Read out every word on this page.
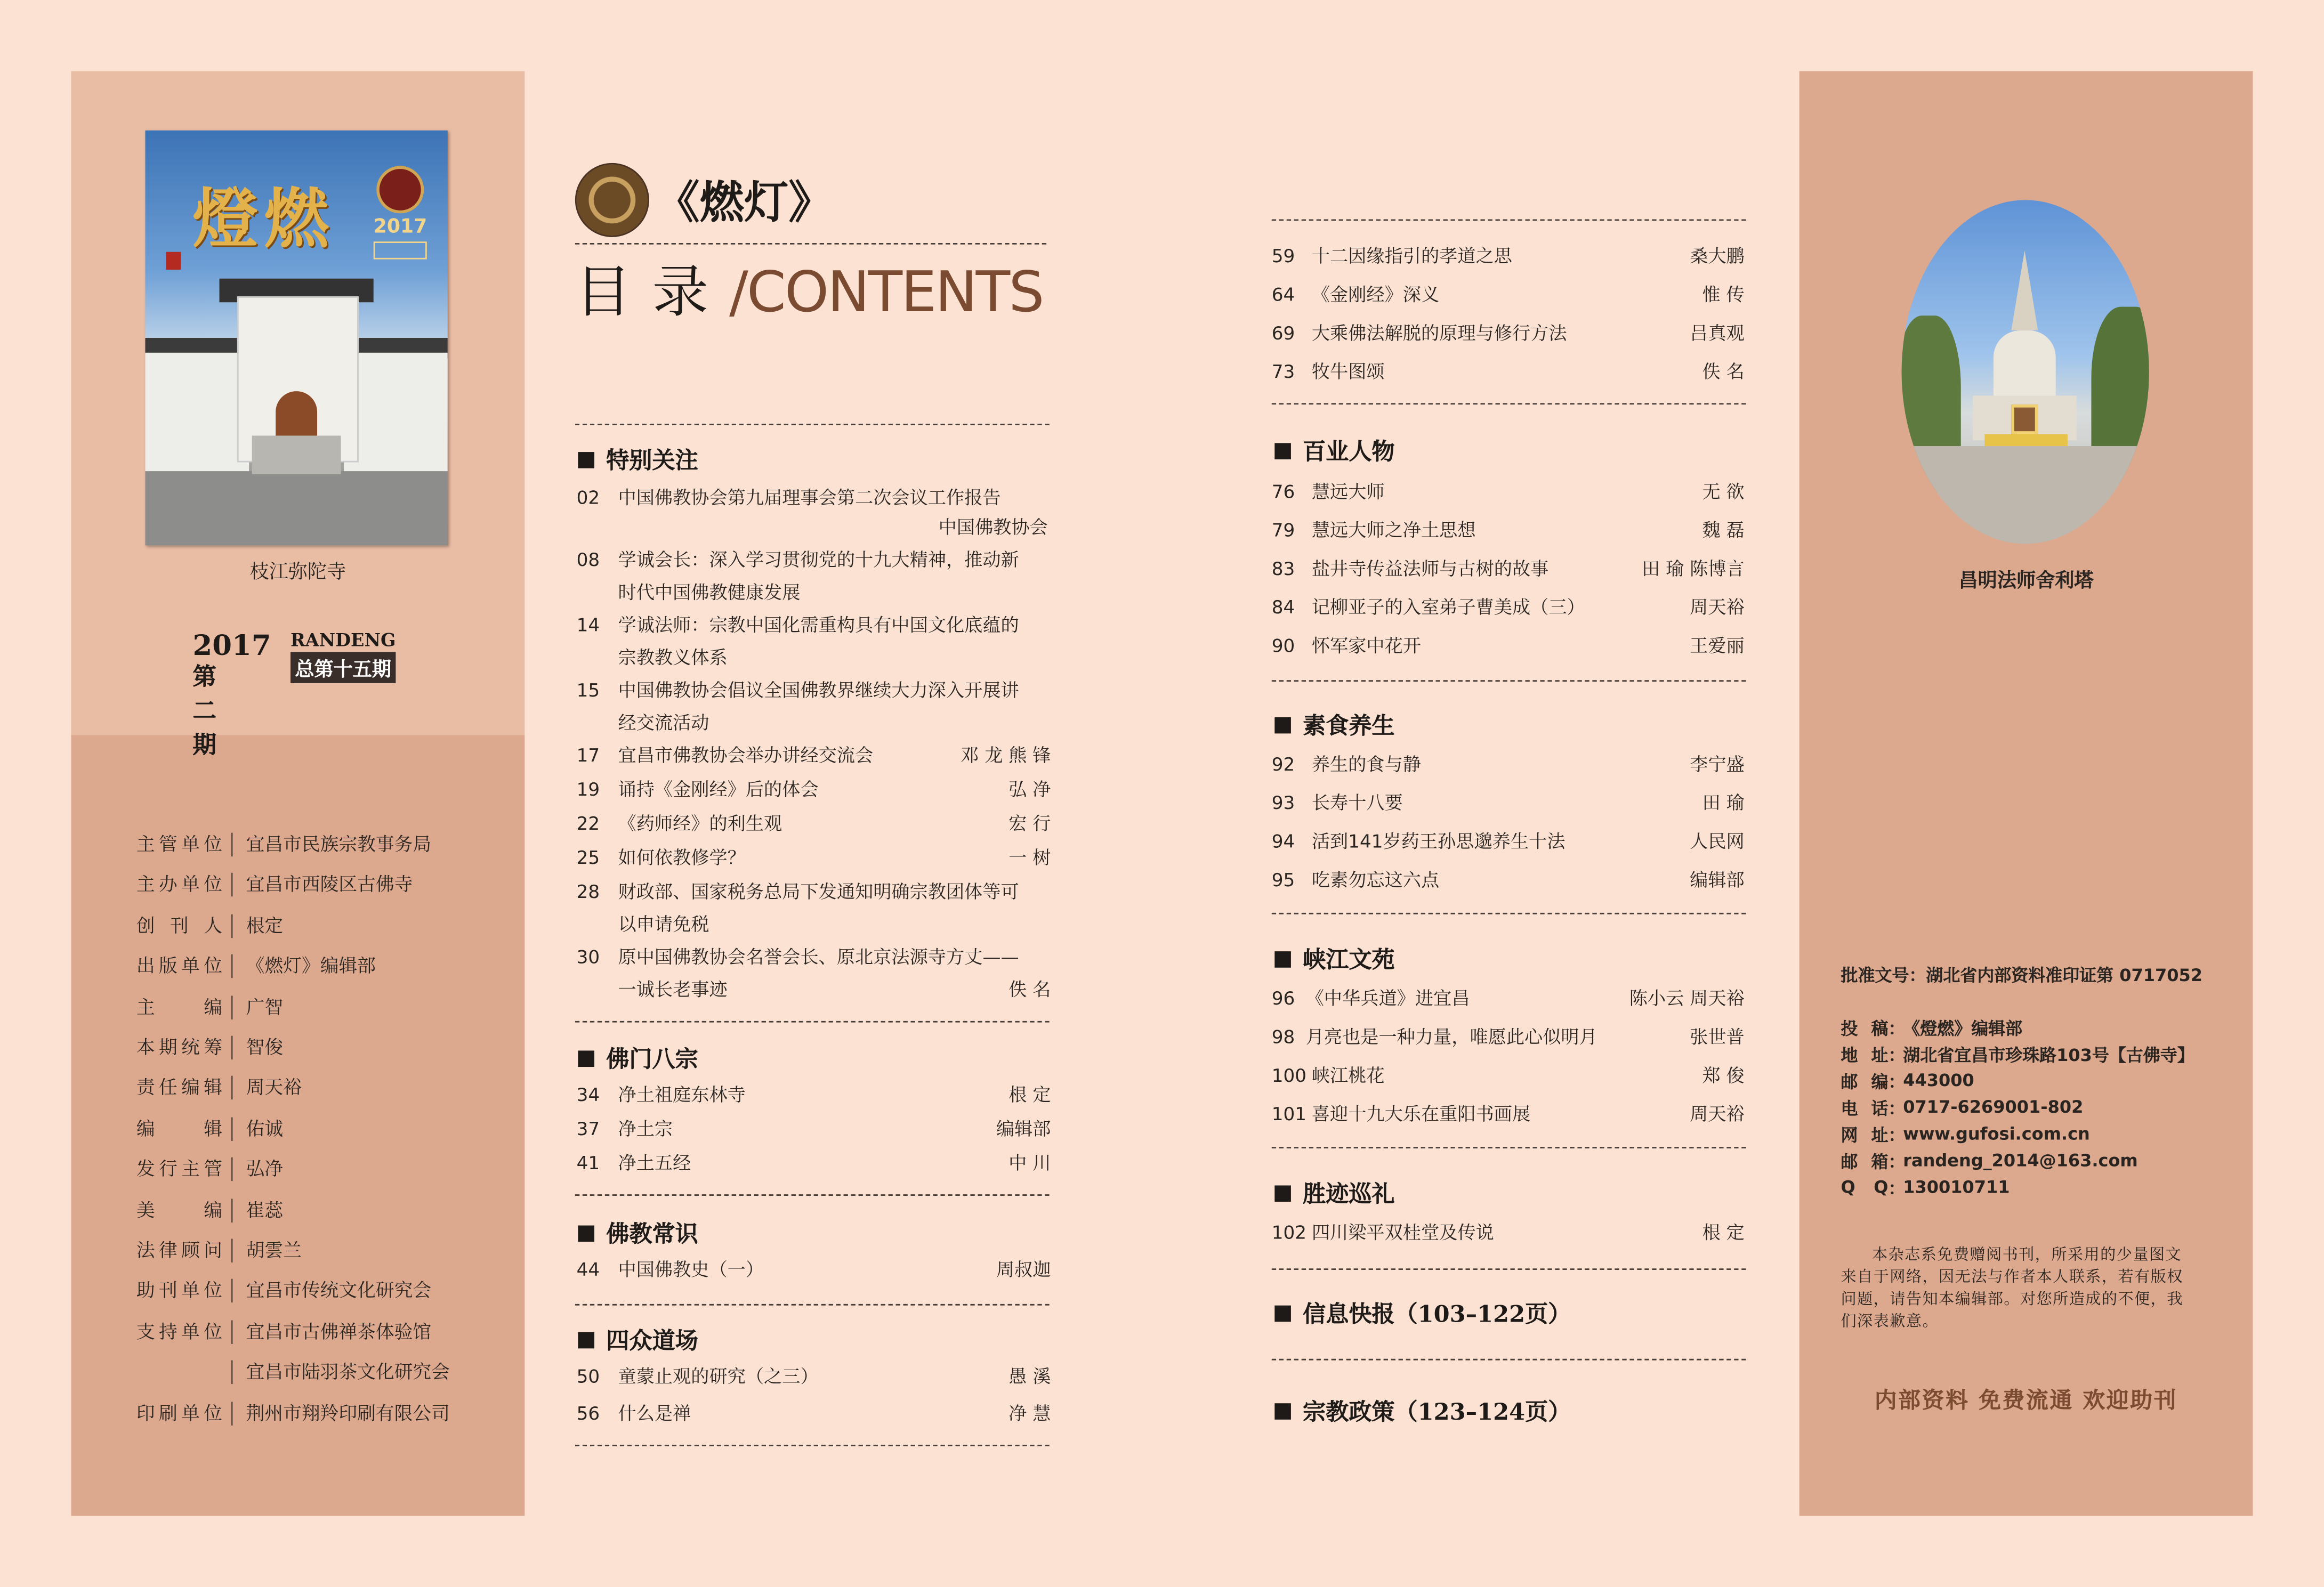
燈燃	2017
枝江弥陀寺
2017
第二期
RANDENG
总第十五期
主管单位	宜昌市民族宗教事务局
主办单位	宜昌市西陵区古佛寺
创刊人	根定
出版单位	《燃灯》编辑部
主编	广智
本期统筹	智俊
责任编辑	周天裕
编辑	佑诚
发行主管	弘净
美编	崔蕊
法律顾问	胡雲兰
助刊单位	宜昌市传统文化研究会
支持单位	宜昌市古佛禅茶体验馆
宜昌市陆羽茶文化研究会
印刷单位	荆州市翔羚印刷有限公司
《燃灯》
目录/CONTENTS
特别关注
02	中国佛教协会第九届理事会第二次会议工作报告
中国佛教协会
08	学诚会长：深入学习贯彻党的十九大精神，推动新
时代中国佛教健康发展
14	学诚法师：宗教中国化需重构具有中国文化底蕴的
宗教教义体系
15	中国佛教协会倡议全国佛教界继续大力深入开展讲
经交流活动
17	宜昌市佛教协会举办讲经交流会	邓 龙 熊 锋
19	诵持《金刚经》后的体会	弘 净
22	《药师经》的利生观	宏 行
25	如何依教修学？	一 树
28	财政部、国家税务总局下发通知明确宗教团体等可
以申请免税
30	原中国佛教协会名誉会长、原北京法源寺方丈——
一诚长老事迹	佚 名
佛门八宗
34	净土祖庭东林寺	根 定
37	净土宗	编辑部
41	净土五经	中 川
佛教常识
44	中国佛教史（一）	周叔迦
四众道场
50	童蒙止观的研究（之三）	愚 溪
56	什么是禅	净 慧
59	十二因缘指引的孝道之思	桑大鹏
64	《金刚经》深义	惟 传
69	大乘佛法解脱的原理与修行方法	吕真观
73	牧牛图颂	佚 名
百业人物
76	慧远大师	无 欲
79	慧远大师之净土思想	魏 磊
83	盐井寺传益法师与古树的故事	田 瑜 陈博言
84	记柳亚子的入室弟子曹美成（三）	周天裕
90	怀军家中花开	王爱丽
素食养生
92	养生的食与静	李宁盛
93	长寿十八要	田 瑜
94	活到141岁药王孙思邈养生十法	人民网
95	吃素勿忘这六点	编辑部
峡江文苑
96 《中华兵道》进宜昌	陈小云 周天裕
98 月亮也是一种力量，唯愿此心似明月	张世普
100 峡江桃花	郑 俊
101 喜迎十九大乐在重阳书画展	周天裕
胜迹巡礼
102 四川梁平双桂堂及传说	根 定
信息快报（103–122页）
宗教政策（123–124页）
昌明法师舍利塔
批准文号：湖北省内部资料准印证第 0717052
投稿 ：
《燈燃》编辑部
地址 ：
湖北省宜昌市珍珠路103号【古佛寺】
邮编 ：
443000
电话 ：
0717-6269001-802
网址 ：
www.gufosi.com.cn
邮箱 ：
randeng_2014@163.com
Q Q ：
130010711
本杂志系免费赠阅书刊，所采用的少量图文来自于网络，因无法与作者本人联系，若有版权问题，请告知本编辑部。对您所造成的不便，我们深表歉意。
内部资料 免费流通 欢迎助刊
